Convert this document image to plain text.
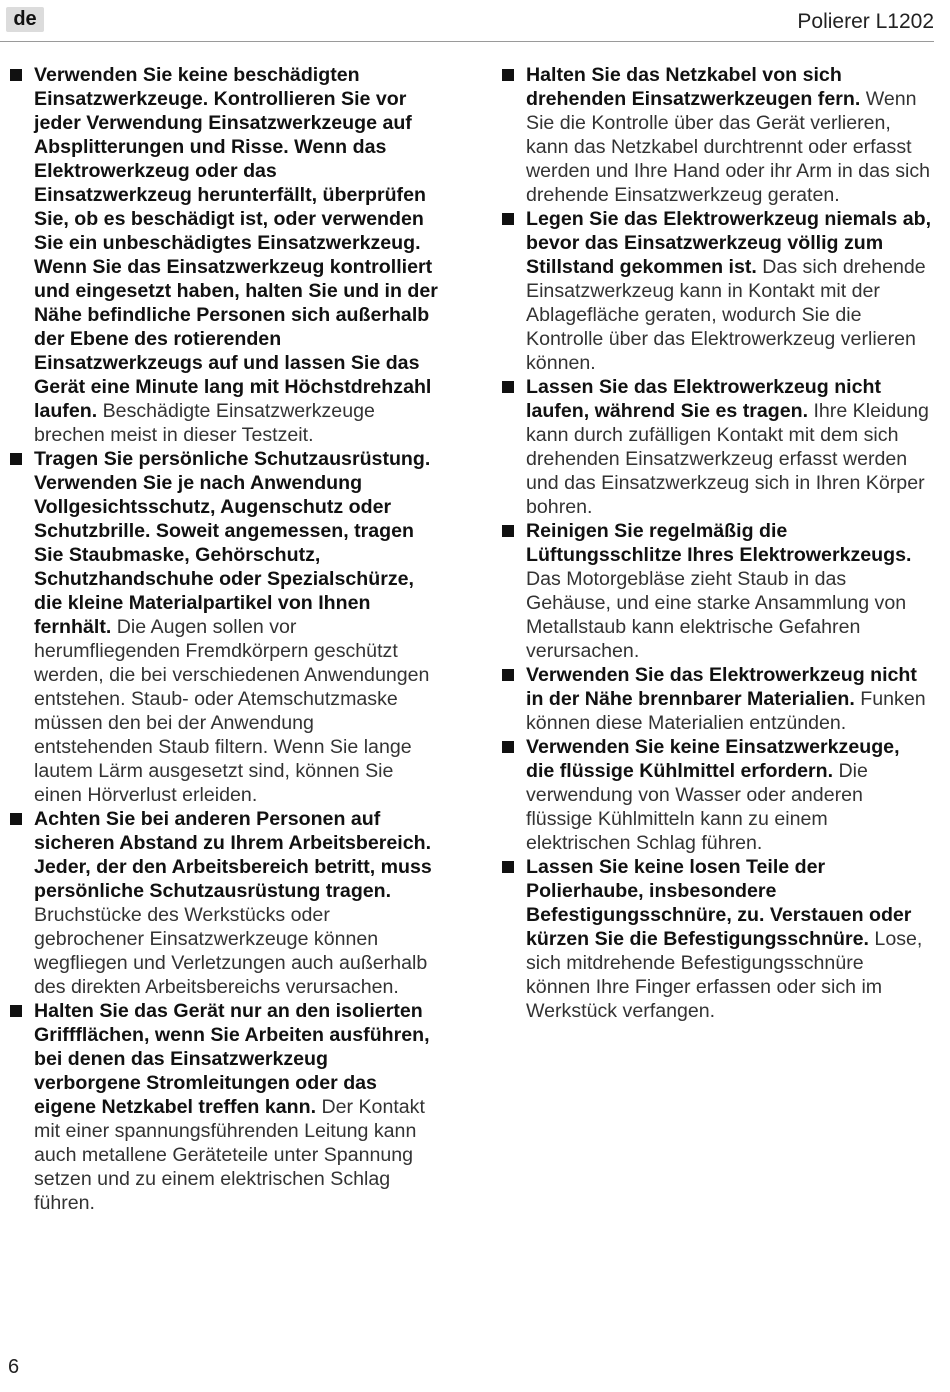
de	Polierer L1202

Verwenden Sie keine beschädigten Einsatzwerkzeuge. Kontrollieren Sie vor jeder Verwendung Einsatzwerkzeuge auf Absplitterungen und Risse. Wenn das Elektrowerkzeug oder das Einsatzwerkzeug herunterfällt, überprüfen Sie, ob es beschädigt ist, oder verwenden Sie ein unbeschädigtes Einsatzwerkzeug. Wenn Sie das Einsatzwerkzeug kontrolliert und eingesetzt haben, halten Sie und in der Nähe befindliche Personen sich außerhalb der Ebene des rotierenden Einsatzwerkzeugs auf und lassen Sie das Gerät eine Minute lang mit Höchstdrehzahl laufen. Beschädigte Einsatzwerkzeuge brechen meist in dieser Testzeit.

Tragen Sie persönliche Schutzausrüstung. Verwenden Sie je nach Anwendung Vollgesichtsschutz, Augenschutz oder Schutzbrille. Soweit angemessen, tragen Sie Staubmaske, Gehörschutz, Schutzhandschuhe oder Spezialschürze, die kleine Materialpartikel von Ihnen fernhält. Die Augen sollen vor herumfliegenden Fremdkörpern geschützt werden, die bei verschiedenen Anwendungen entstehen. Staub- oder Atemschutzmaske müssen den bei der Anwendung entstehenden Staub filtern. Wenn Sie lange lautem Lärm ausgesetzt sind, können Sie einen Hörverlust erleiden.

Achten Sie bei anderen Personen auf sicheren Abstand zu Ihrem Arbeitsbereich. Jeder, der den Arbeitsbereich betritt, muss persönliche Schutzausrüstung tragen. Bruchstücke des Werkstücks oder gebrochener Einsatzwerkzeuge können wegfliegen und Verletzungen auch außerhalb des direkten Arbeitsbereichs verursachen.

Halten Sie das Gerät nur an den isolierten Griffflächen, wenn Sie Arbeiten ausführen, bei denen das Einsatzwerkzeug verborgene Stromleitungen oder das eigene Netzkabel treffen kann. Der Kontakt mit einer spannungsführenden Leitung kann auch metallene Geräteteile unter Spannung setzen und zu einem elektrischen Schlag führen.

Halten Sie das Netzkabel von sich drehenden Einsatzwerkzeugen fern. Wenn Sie die Kontrolle über das Gerät verlieren, kann das Netzkabel durchtrennt oder erfasst werden und Ihre Hand oder ihr Arm in das sich drehende Einsatzwerkzeug geraten.

Legen Sie das Elektrowerkzeug niemals ab, bevor das Einsatzwerkzeug völlig zum Stillstand gekommen ist. Das sich drehende Einsatzwerkzeug kann in Kontakt mit der Ablagefläche geraten, wodurch Sie die Kontrolle über das Elektrowerkzeug verlieren können.

Lassen Sie das Elektrowerkzeug nicht laufen, während Sie es tragen. Ihre Kleidung kann durch zufälligen Kontakt mit dem sich drehenden Einsatzwerkzeug erfasst werden und das Einsatzwerkzeug sich in Ihren Körper bohren.

Reinigen Sie regelmäßig die Lüftungsschlitze Ihres Elektrowerkzeugs. Das Motorgebläse zieht Staub in das Gehäuse, und eine starke Ansammlung von Metallstaub kann elektrische Gefahren verursachen.

Verwenden Sie das Elektrowerkzeug nicht in der Nähe brennbarer Materialien. Funken können diese Materialien entzünden.

Verwenden Sie keine Einsatzwerkzeuge, die flüssige Kühlmittel erfordern. Die verwendung von Wasser oder anderen flüssige Kühlmitteln kann zu einem elektrischen Schlag führen.

Lassen Sie keine losen Teile der Polierhaube, insbesondere Befestigungsschnüre, zu. Verstauen oder kürzen Sie die Befestigungsschnüre. Lose, sich mitdrehende Befestigungsschnüre können Ihre Finger erfassen oder sich im Werkstück verfangen.

6
